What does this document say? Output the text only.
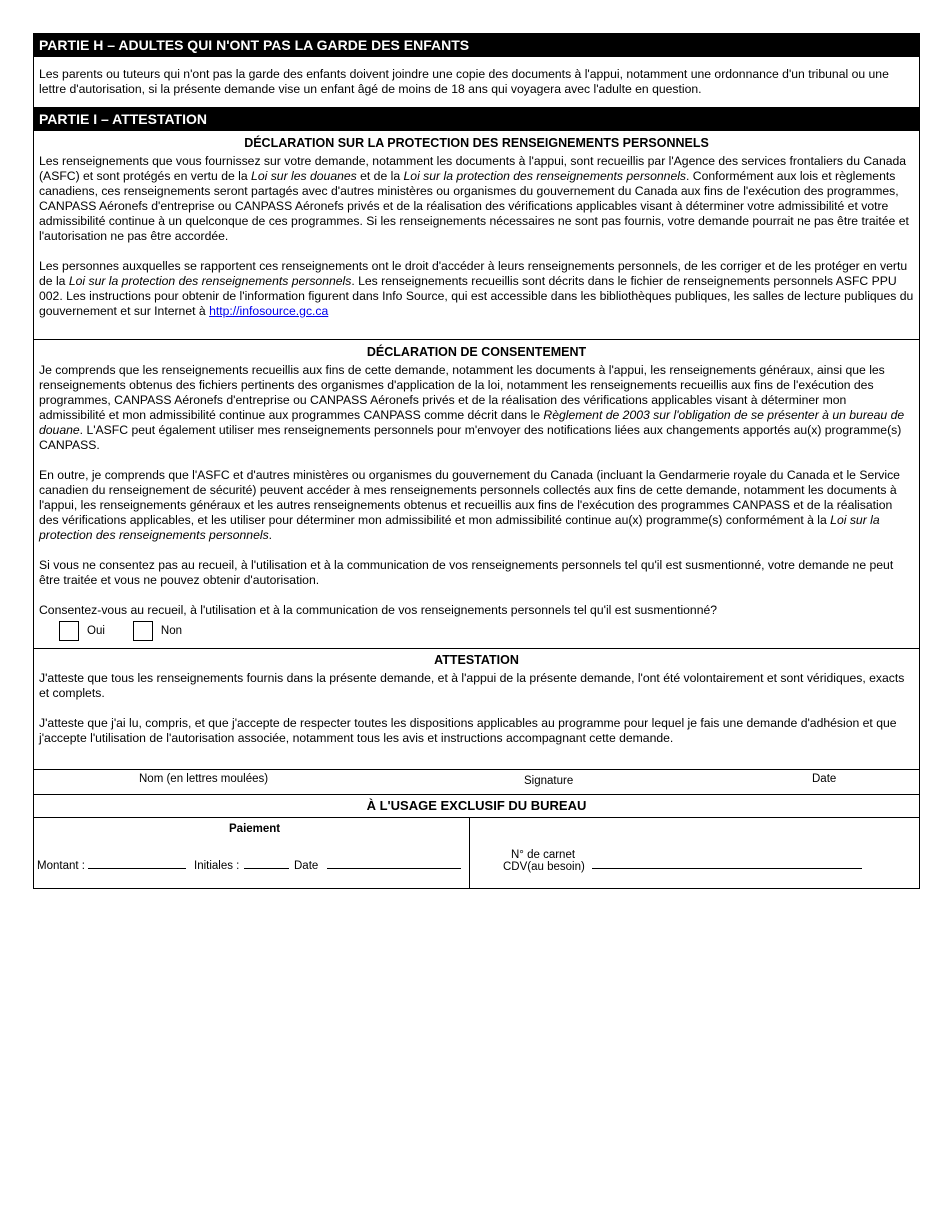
PARTIE H – ADULTES QUI N'ONT PAS LA GARDE DES ENFANTS

Les parents ou tuteurs qui n'ont pas la garde des enfants doivent joindre une copie des documents à l'appui, notamment une ordonnance d'un tribunal ou une lettre d'autorisation, si la présente demande vise un enfant âgé de moins de 18 ans qui voyagera avec l'adulte en question.

PARTIE I – ATTESTATION
DÉCLARATION SUR LA PROTECTION DES RENSEIGNEMENTS PERSONNELS

Les renseignements que vous fournissez sur votre demande, notamment les documents à l'appui, sont recueillis par l'Agence des services frontaliers du Canada (ASFC) et sont protégés en vertu de la Loi sur les douanes et de la Loi sur la protection des renseignements personnels. Conformément aux lois et règlements canadiens, ces renseignements seront partagés avec d'autres ministères ou organismes du gouvernement du Canada aux fins de l'exécution des programmes, CANPASS Aéronefs d'entreprise ou CANPASS Aéronefs privés et de la réalisation des vérifications applicables visant à déterminer votre admissibilité et votre admissibilité continue à un quelconque de ces programmes. Si les renseignements nécessaires ne sont pas fournis, votre demande pourrait ne pas être traitée et l'autorisation ne pas être accordée.

Les personnes auxquelles se rapportent ces renseignements ont le droit d'accéder à leurs renseignements personnels, de les corriger et de les protéger en vertu de la Loi sur la protection des renseignements personnels. Les renseignements recueillis sont décrits dans le fichier de renseignements personnels ASFC PPU 002. Les instructions pour obtenir de l'information figurent dans Info Source, qui est accessible dans les bibliothèques publiques, les salles de lecture publiques du gouvernement et sur Internet à http://infosource.gc.ca

DÉCLARATION DE CONSENTEMENT

Je comprends que les renseignements recueillis aux fins de cette demande, notamment les documents à l'appui, les renseignements généraux, ainsi que les renseignements obtenus des fichiers pertinents des organismes d'application de la loi, notamment les renseignements recueillis aux fins de l'exécution des programmes, CANPASS Aéronefs d'entreprise ou CANPASS Aéronefs privés et de la réalisation des vérifications applicables visant à déterminer mon admissibilité et mon admissibilité continue aux programmes CANPASS comme décrit dans le Règlement de 2003 sur l'obligation de se présenter à un bureau de douane. L'ASFC peut également utiliser mes renseignements personnels pour m'envoyer des notifications liées aux changements apportés au(x) programme(s) CANPASS.

En outre, je comprends que l'ASFC et d'autres ministères ou organismes du gouvernement du Canada (incluant la Gendarmerie royale du Canada et le Service canadien du renseignement de sécurité) peuvent accéder à mes renseignements personnels collectés aux fins de cette demande, notamment les documents à l'appui, les renseignements généraux et les autres renseignements obtenus et recueillis aux fins de l'exécution des programmes CANPASS et de la réalisation des vérifications applicables, et les utiliser pour déterminer mon admissibilité et mon admissibilité continue au(x) programme(s) conformément à la Loi sur la protection des renseignements personnels.

Si vous ne consentez pas au recueil, à l'utilisation et à la communication de vos renseignements personnels tel qu'il est susmentionné, votre demande ne peut être traitée et vous ne pouvez obtenir d'autorisation.

Consentez-vous au recueil, à l'utilisation et à la communication de vos renseignements personnels tel qu'il est susmentionné?

Oui	Non
ATTESTATION

J'atteste que tous les renseignements fournis dans la présente demande, et à l'appui de la présente demande, l'ont été volontairement et sont véridiques, exacts et complets.

J'atteste que j'ai lu, compris, et que j'accepte de respecter toutes les dispositions applicables au programme pour lequel je fais une demande d'adhésion et que j'accepte l'utilisation de l'autorisation associée, notamment tous les avis et instructions accompagnant cette demande.

Nom (en lettres moulées)	Signature	Date
À L'USAGE EXCLUSIF DU BUREAU
Paiement
Montant :	Initiales :	Date
N° de carnet
CDV(au besoin)
